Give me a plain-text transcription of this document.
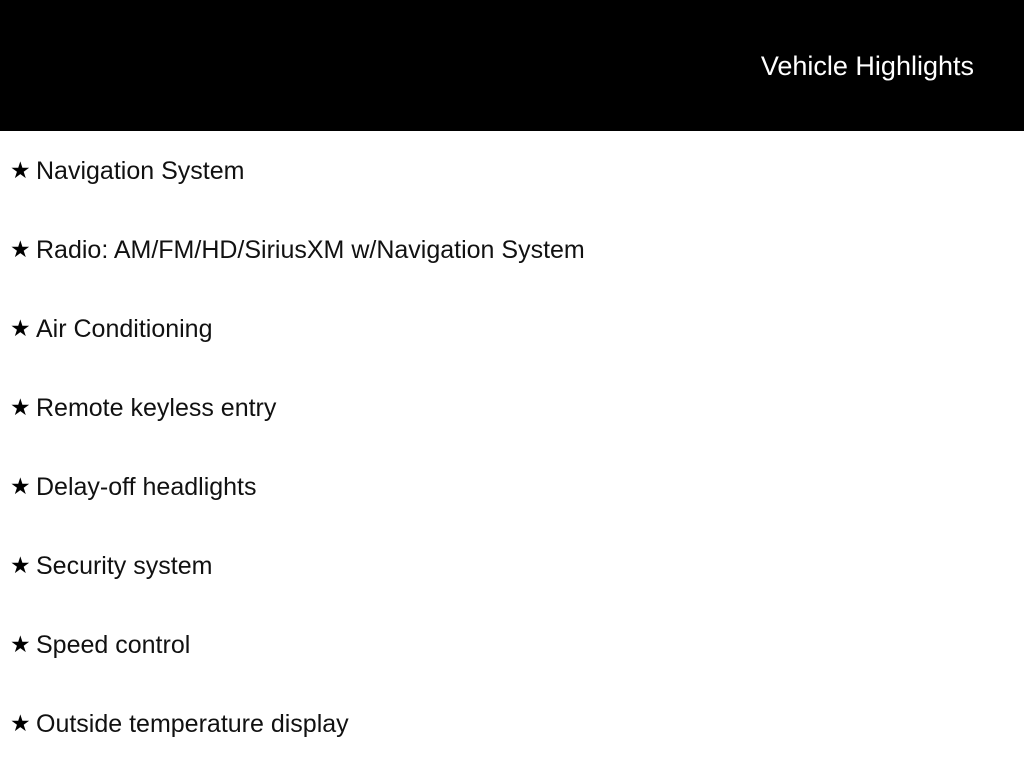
Vehicle Highlights
★ Navigation System
★ Radio: AM/FM/HD/SiriusXM w/Navigation System
★ Air Conditioning
★ Remote keyless entry
★ Delay-off headlights
★ Security system
★ Speed control
★ Outside temperature display
